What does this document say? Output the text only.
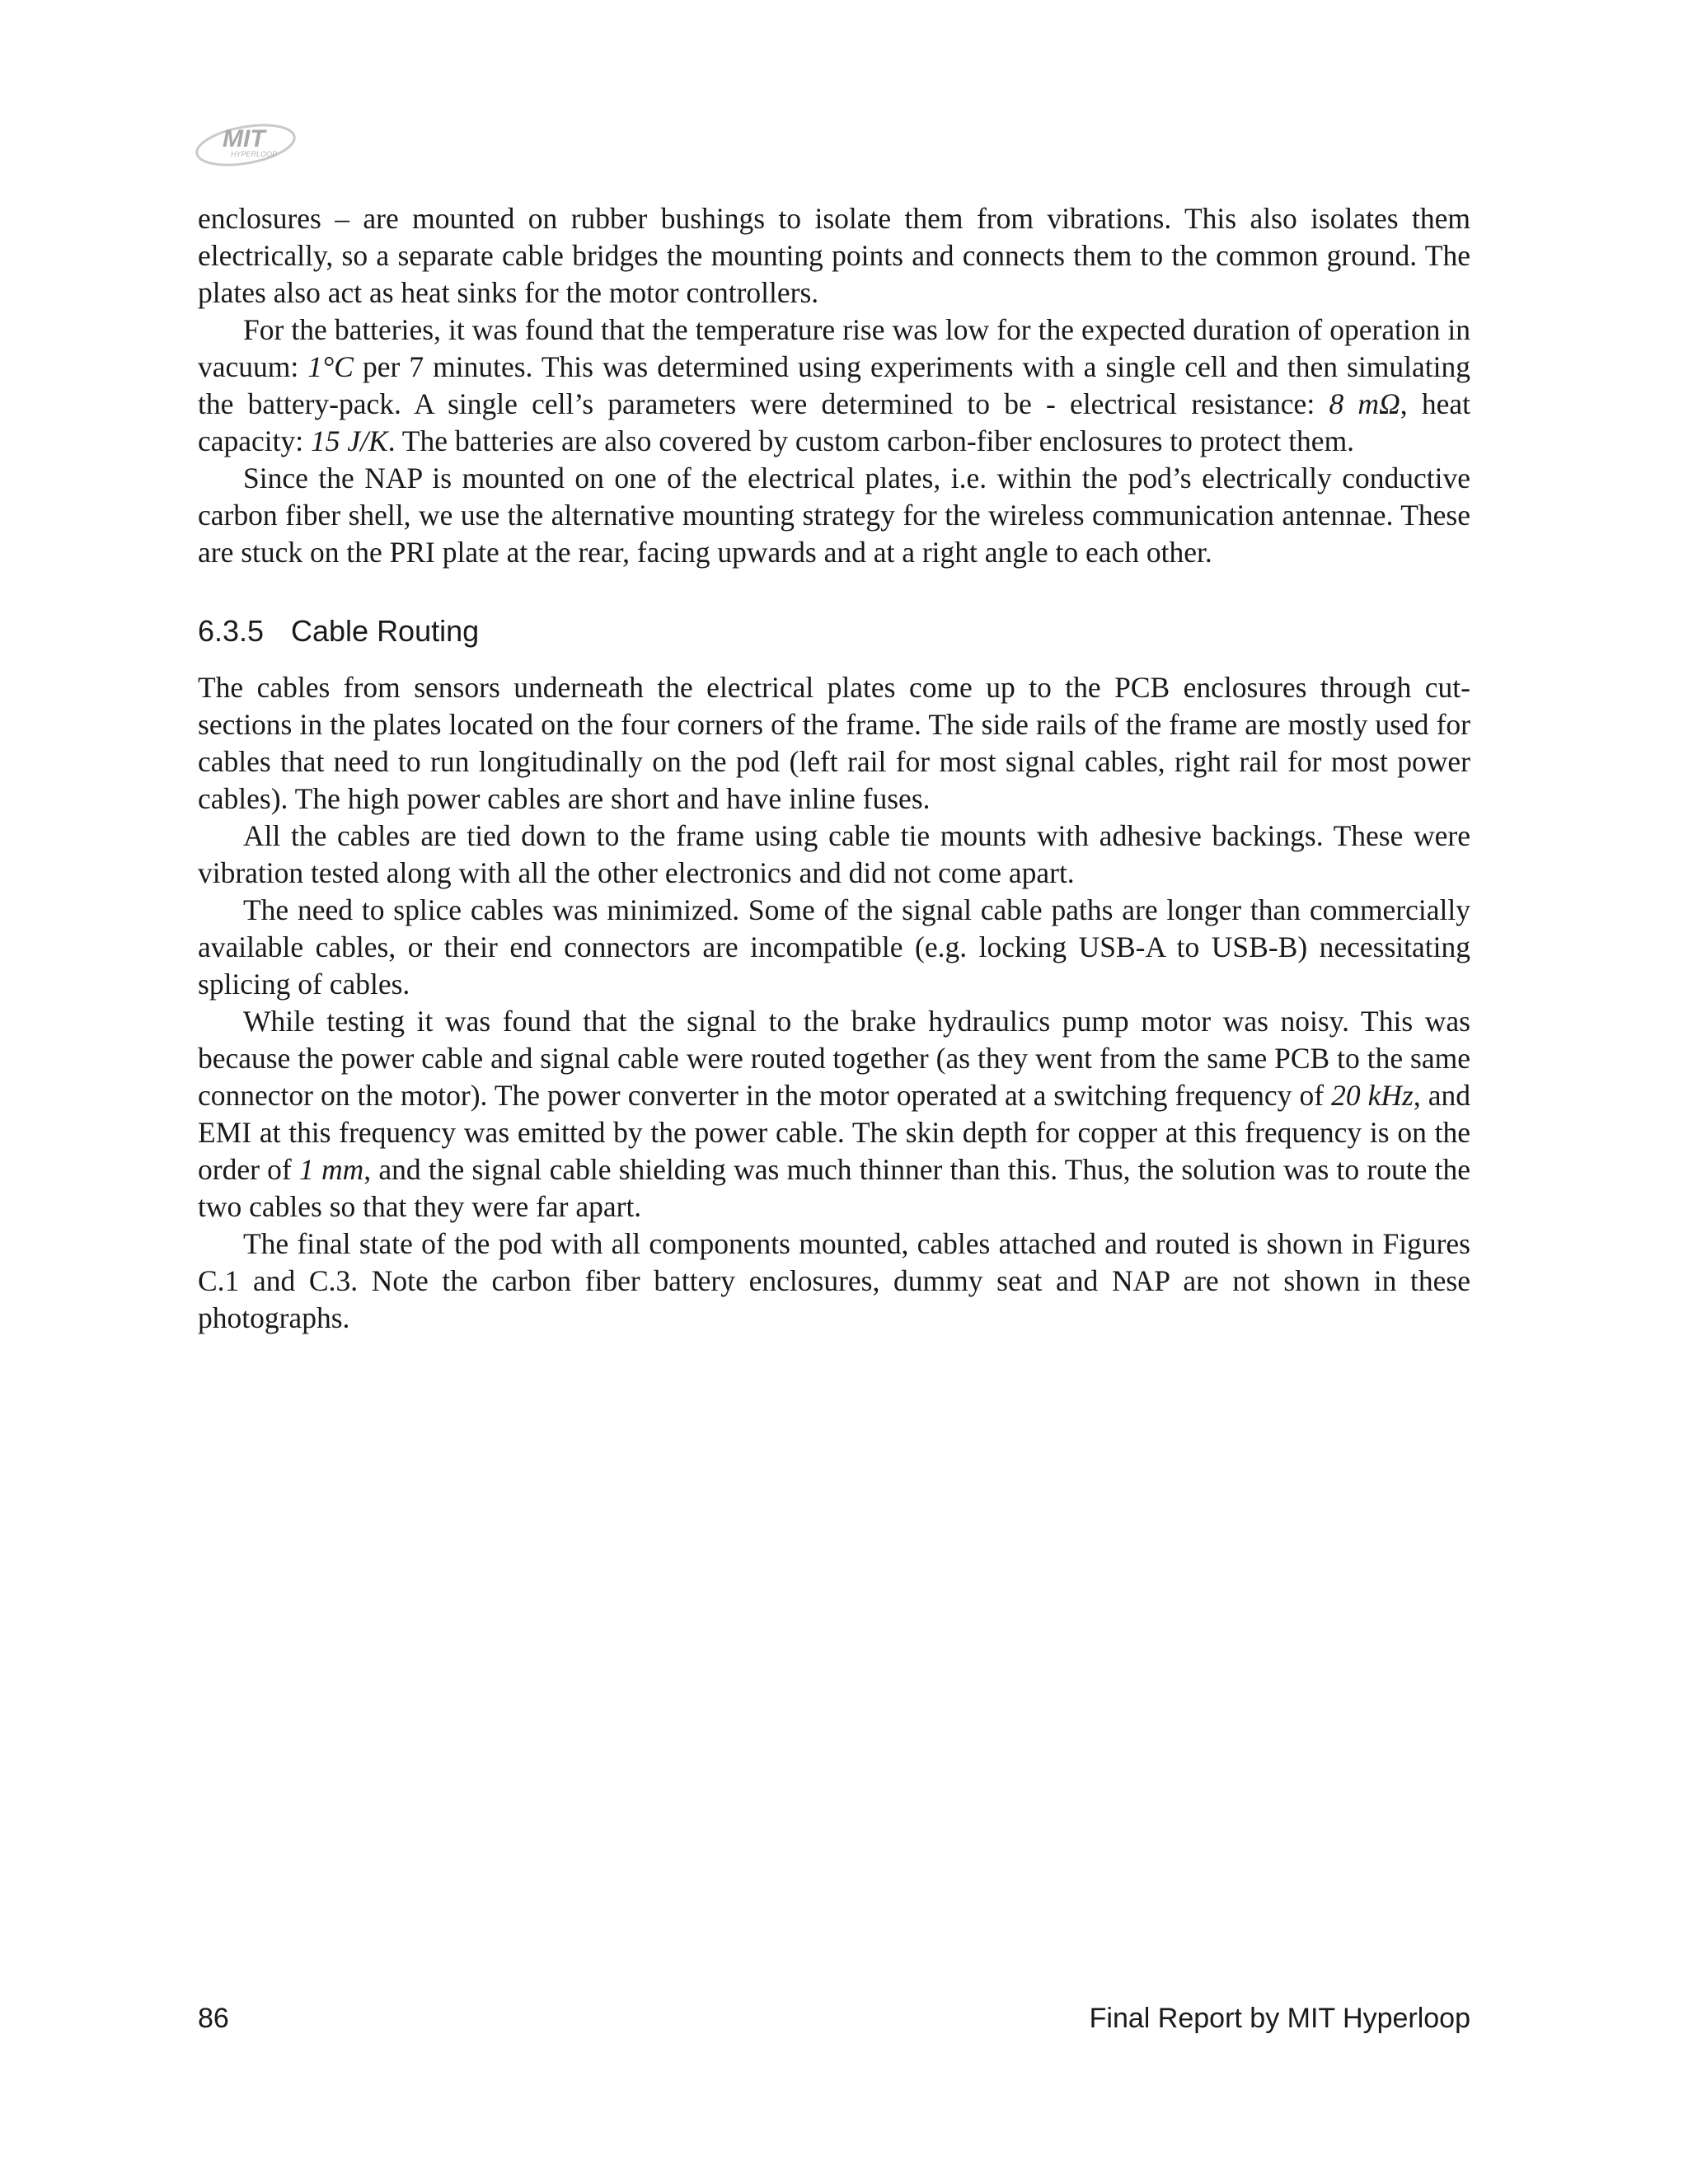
MIT
HYPERLOOP

enclosures – are mounted on rubber bushings to isolate them from vibrations. This also isolates them electrically, so a separate cable bridges the mounting points and connects them to the common ground. The plates also act as heat sinks for the motor controllers.

For the batteries, it was found that the temperature rise was low for the expected duration of operation in vacuum: 1°C per 7 minutes. This was determined using experiments with a single cell and then simulating the battery-pack. A single cell’s parameters were determined to be - electrical resistance: 8 mΩ, heat capacity: 15 J/K. The batteries are also covered by custom carbon-fiber enclosures to protect them.

Since the NAP is mounted on one of the electrical plates, i.e. within the pod’s electrically conductive carbon fiber shell, we use the alternative mounting strategy for the wireless communication antennae. These are stuck on the PRI plate at the rear, facing upwards and at a right angle to each other.

6.3.5 Cable Routing

The cables from sensors underneath the electrical plates come up to the PCB enclosures through cut-sections in the plates located on the four corners of the frame. The side rails of the frame are mostly used for cables that need to run longitudinally on the pod (left rail for most signal cables, right rail for most power cables). The high power cables are short and have inline fuses.

All the cables are tied down to the frame using cable tie mounts with adhesive backings. These were vibration tested along with all the other electronics and did not come apart.

The need to splice cables was minimized. Some of the signal cable paths are longer than commercially available cables, or their end connectors are incompatible (e.g. locking USB-A to USB-B) necessitating splicing of cables.

While testing it was found that the signal to the brake hydraulics pump motor was noisy. This was because the power cable and signal cable were routed together (as they went from the same PCB to the same connector on the motor). The power converter in the motor operated at a switching frequency of 20 kHz, and EMI at this frequency was emitted by the power cable. The skin depth for copper at this frequency is on the order of 1 mm, and the signal cable shielding was much thinner than this. Thus, the solution was to route the two cables so that they were far apart.

The final state of the pod with all components mounted, cables attached and routed is shown in Figures C.1 and C.3. Note the carbon fiber battery enclosures, dummy seat and NAP are not shown in these photographs.

86	Final Report by MIT Hyperloop
